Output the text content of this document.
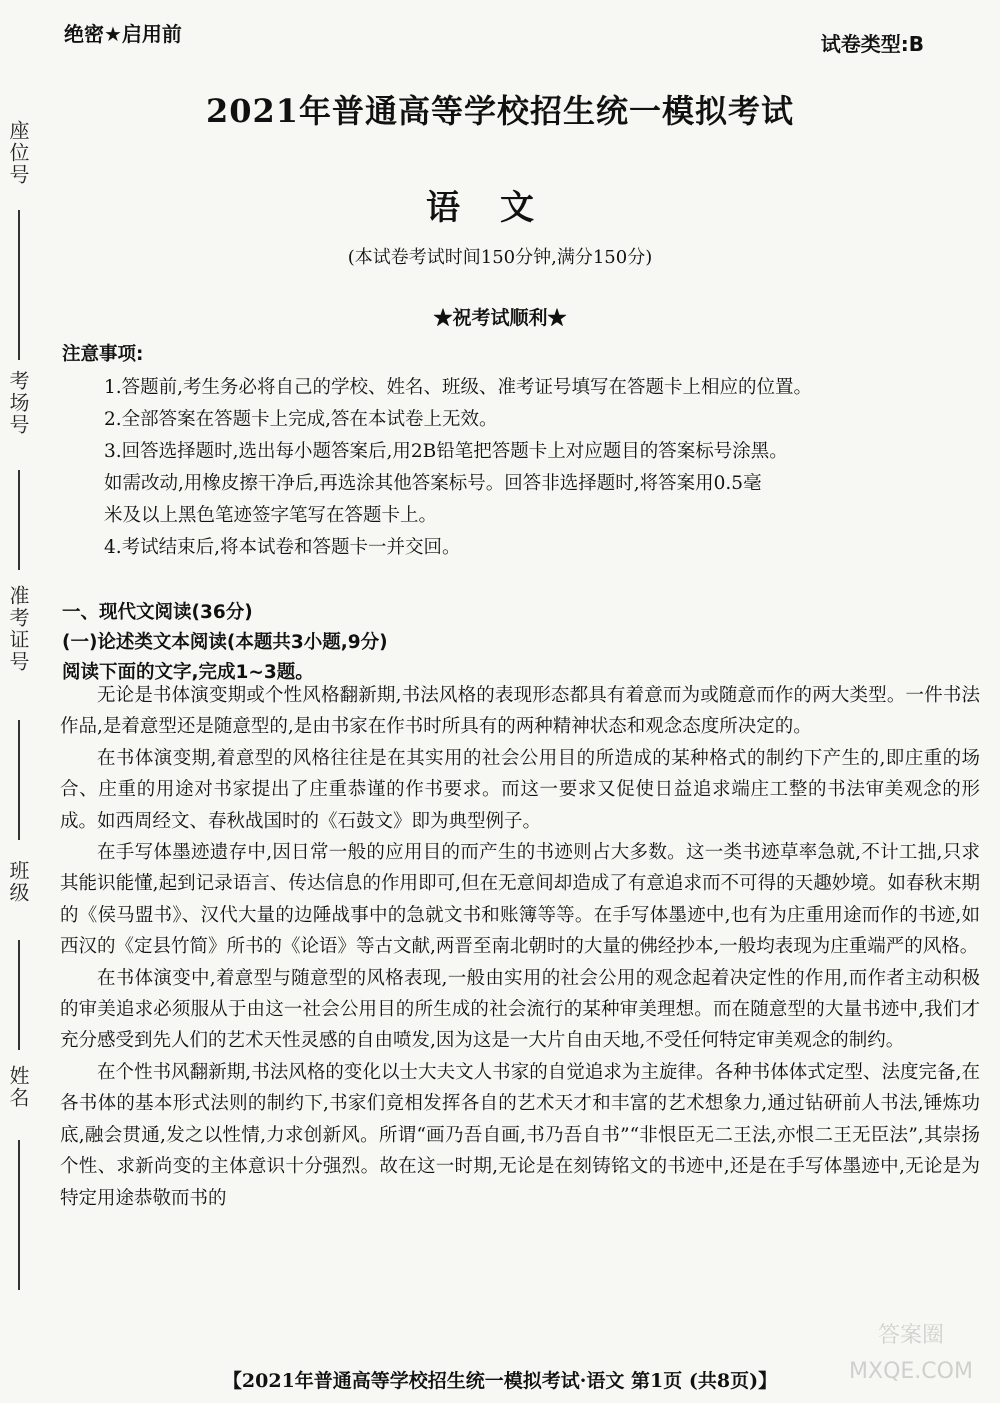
座位号
考场号
准考证号
班级
姓名
绝密★启用前	试卷类型:B
2021年普通高等学校招生统一模拟考试
语文
(本试卷考试时间150分钟,满分150分)
★祝考试顺利★
注意事项:
1.答题前,考生务必将自己的学校、姓名、班级、准考证号填写在答题卡上相应的位置。
2.全部答案在答题卡上完成,答在本试卷上无效。
3.回答选择题时,选出每小题答案后,用2B铅笔把答题卡上对应题目的答案标号涂黑。
如需改动,用橡皮擦干净后,再选涂其他答案标号。回答非选择题时,将答案用0.5毫
米及以上黑色笔迹签字笔写在答题卡上。
4.考试结束后,将本试卷和答题卡一并交回。
一、现代文阅读(36分)
(一)论述类文本阅读(本题共3小题,9分)
阅读下面的文字,完成1~3题。

无论是书体演变期或个性风格翻新期,书法风格的表现形态都具有着意而为或随意而作的两大类型。一件书法作品,是着意型还是随意型的,是由书家在作书时所具有的两种精神状态和观念态度所决定的。

在书体演变期,着意型的风格往往是在其实用的社会公用目的所造成的某种格式的制约下产生的,即庄重的场合、庄重的用途对书家提出了庄重恭谨的作书要求。而这一要求又促使日益追求端庄工整的书法审美观念的形成。如西周经文、春秋战国时的《石鼓文》即为典型例子。

在手写体墨迹遗存中,因日常一般的应用目的而产生的书迹则占大多数。这一类书迹草率急就,不计工拙,只求其能识能懂,起到记录语言、传达信息的作用即可,但在无意间却造成了有意追求而不可得的天趣妙境。如春秋末期的《侯马盟书》、汉代大量的边陲战事中的急就文书和账簿等等。在手写体墨迹中,也有为庄重用途而作的书迹,如西汉的《定县竹简》所书的《论语》等古文献,两晋至南北朝时的大量的佛经抄本,一般均表现为庄重端严的风格。

在书体演变中,着意型与随意型的风格表现,一般由实用的社会公用的观念起着决定性的作用,而作者主动积极的审美追求必须服从于由这一社会公用目的所生成的社会流行的某种审美理想。而在随意型的大量书迹中,我们才充分感受到先人们的艺术天性灵感的自由喷发,因为这是一大片自由天地,不受任何特定审美观念的制约。

在个性书风翻新期,书法风格的变化以士大夫文人书家的自觉追求为主旋律。各种书体体式定型、法度完备,在各书体的基本形式法则的制约下,书家们竟相发挥各自的艺术天才和丰富的艺术想象力,通过钻研前人书法,锤炼功底,融会贯通,发之以性情,力求创新风。所谓“画乃吾自画,书乃吾自书”“非恨臣无二王法,亦恨二王无臣法”,其崇扬个性、求新尚变的主体意识十分强烈。故在这一时期,无论是在刻铸铭文的书迹中,还是在手写体墨迹中,无论是为特定用途恭敬而书的

【2021年普通高等学校招生统一模拟考试·语文 第1页 (共8页)】
答案圈 MXQE.COM
